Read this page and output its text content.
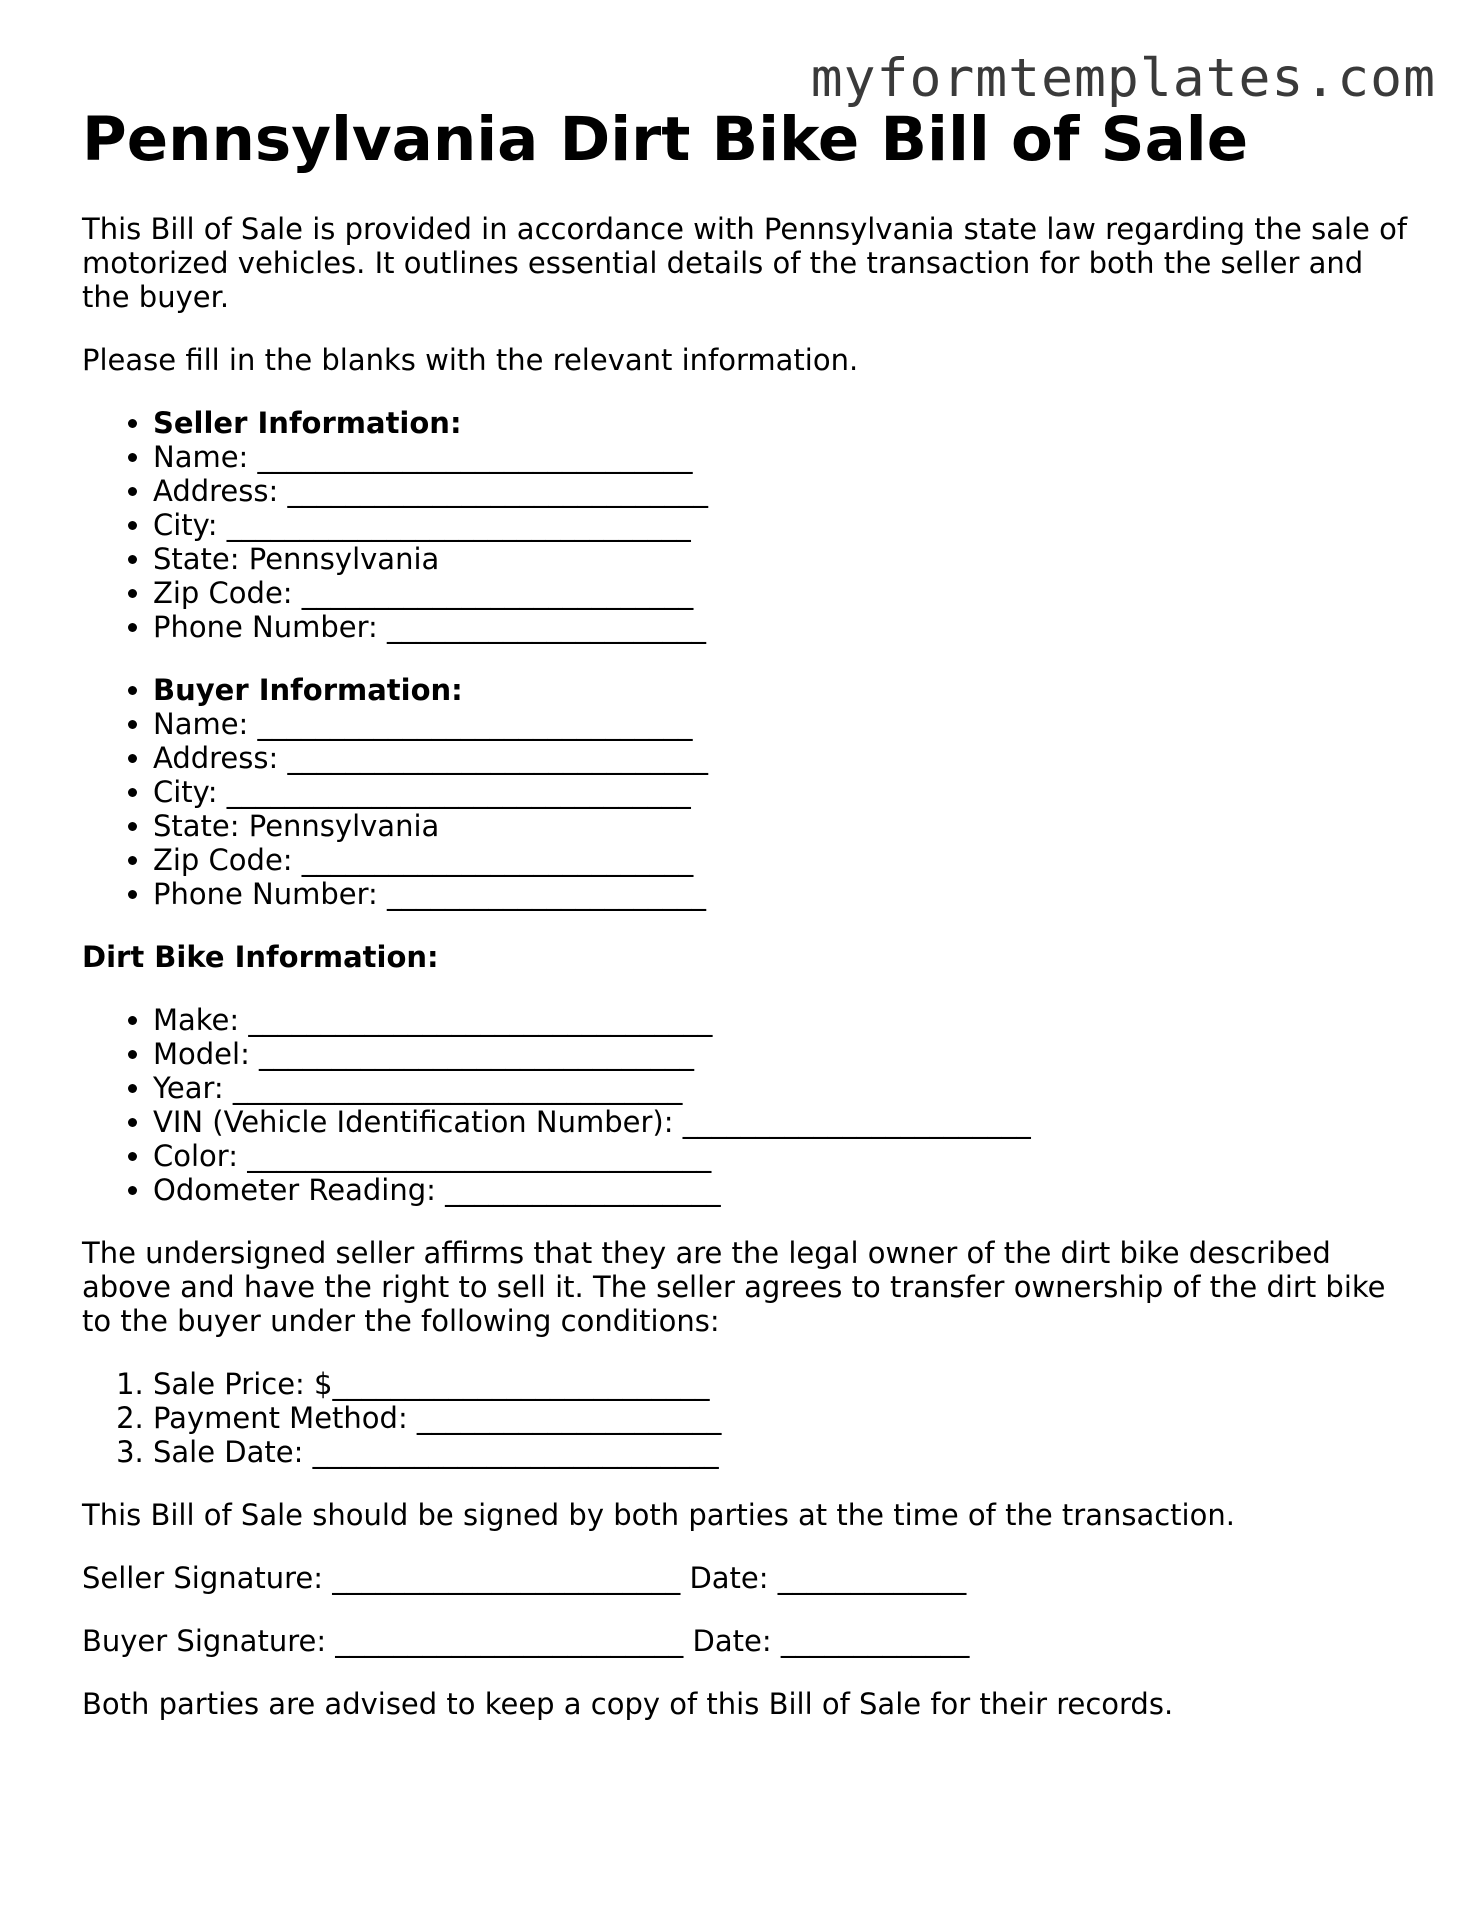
myformtemplates.com
Pennsylvania Dirt Bike Bill of Sale

This Bill of Sale is provided in accordance with Pennsylvania state law regarding the sale of motorized vehicles. It outlines essential details of the transaction for both the seller and the buyer.

Please fill in the blanks with the relevant information.

• Seller Information:
• Name: ______________________________
• Address: _____________________________
• City: ________________________________
• State: Pennsylvania
• Zip Code: ___________________________
• Phone Number: ______________________
• Buyer Information:
• Name: ______________________________
• Address: _____________________________
• City: ________________________________
• State: Pennsylvania
• Zip Code: ___________________________
• Phone Number: ______________________

Dirt Bike Information:

• Make: ________________________________
• Model: ______________________________
• Year: _______________________________
• VIN (Vehicle Identification Number): ________________________
• Color: ________________________________
• Odometer Reading: ___________________

The undersigned seller affirms that they are the legal owner of the dirt bike described above and have the right to sell it. The seller agrees to transfer ownership of the dirt bike to the buyer under the following conditions:

1. Sale Price: $__________________________
2. Payment Method: _____________________
3. Sale Date: ____________________________

This Bill of Sale should be signed by both parties at the time of the transaction.

Seller Signature: ________________________ Date: _____________

Buyer Signature: ________________________ Date: _____________

Both parties are advised to keep a copy of this Bill of Sale for their records.
